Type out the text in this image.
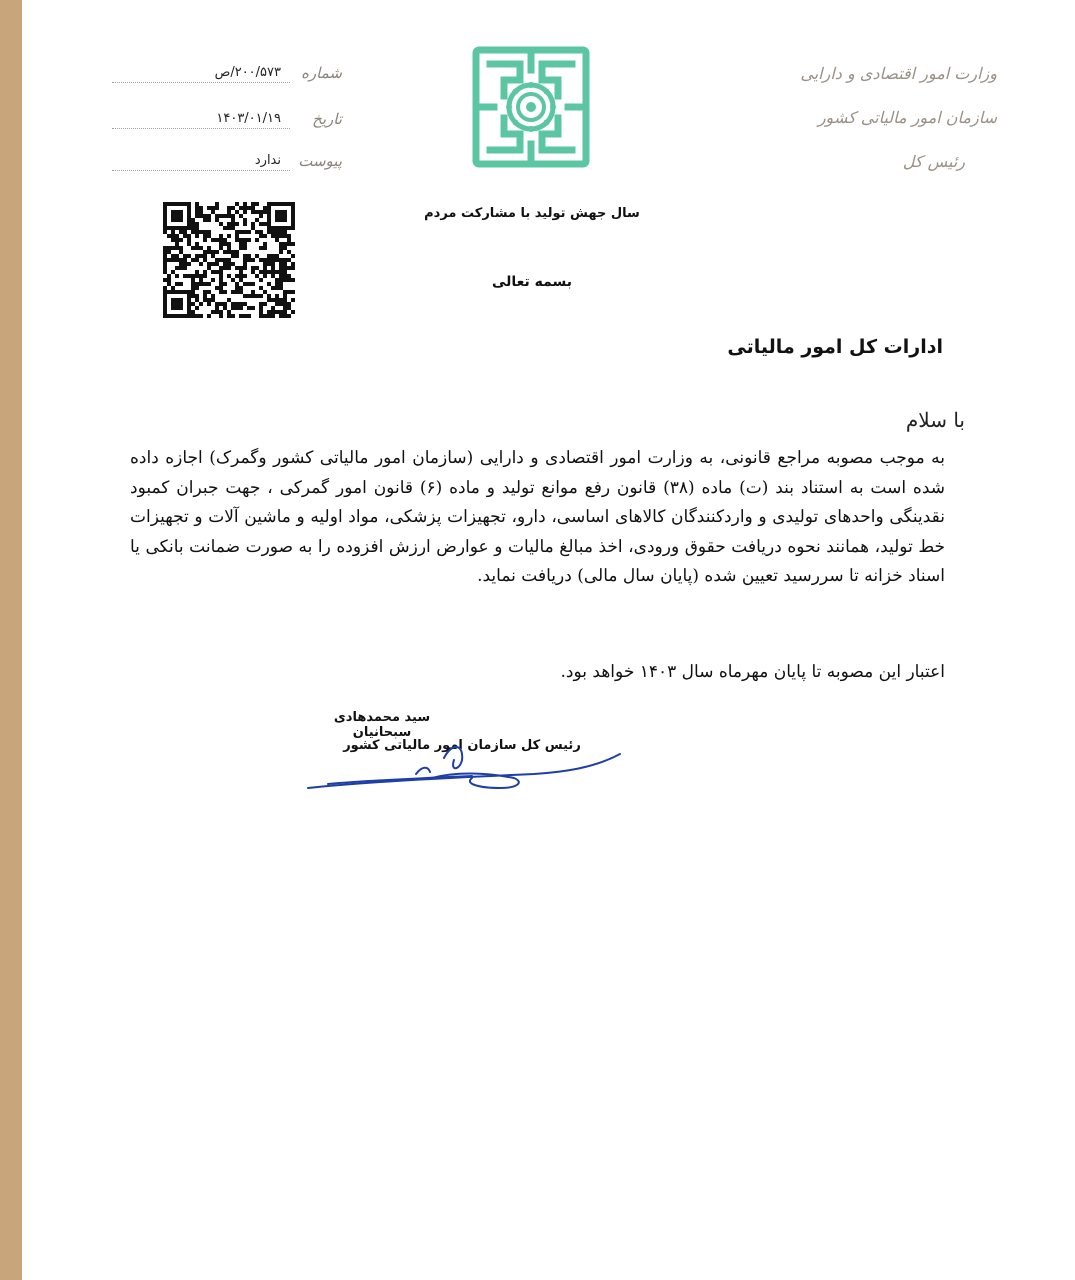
وزارت امور اقتصادی و دارایی
سازمان امور مالیاتی کشور
رئیس کل
شماره
۲۰۰/۵۷۳/ص
تاریخ
۱۴۰۳/۰۱/۱۹
پیوست
ندارد
سال جهش تولید با مشارکت مردم
بسمه تعالی
ادارات کل امور مالیاتی
با سلام
به موجب مصوبه مراجع قانونی، به وزارت امور اقتصادی و دارایی (سازمان امور مالیاتی کشور وگمرک) اجازه داده شده است به استناد بند (ت) ماده (۳۸) قانون رفع موانع تولید و ماده (۶) قانون امور گمرکی ، جهت جبران کمبود نقدینگی واحدهای تولیدی و واردکنندگان کالاهای اساسی، دارو، تجهیزات پزشکی، مواد اولیه و ماشین آلات و تجهیزات خط تولید، همانند نحوه دریافت حقوق ورودی، اخذ مبالغ مالیات و عوارض ارزش افزوده را به صورت ضمانت بانکی یا اسناد خزانه تا سررسید تعیین شده (پایان سال مالی) دریافت نماید.
اعتبار این مصوبه تا پایان مهرماه سال ۱۴۰۳ خواهد بود.
سید محمدهادی سبحانیان
رئیس کل سازمان امور مالیاتی کشور
